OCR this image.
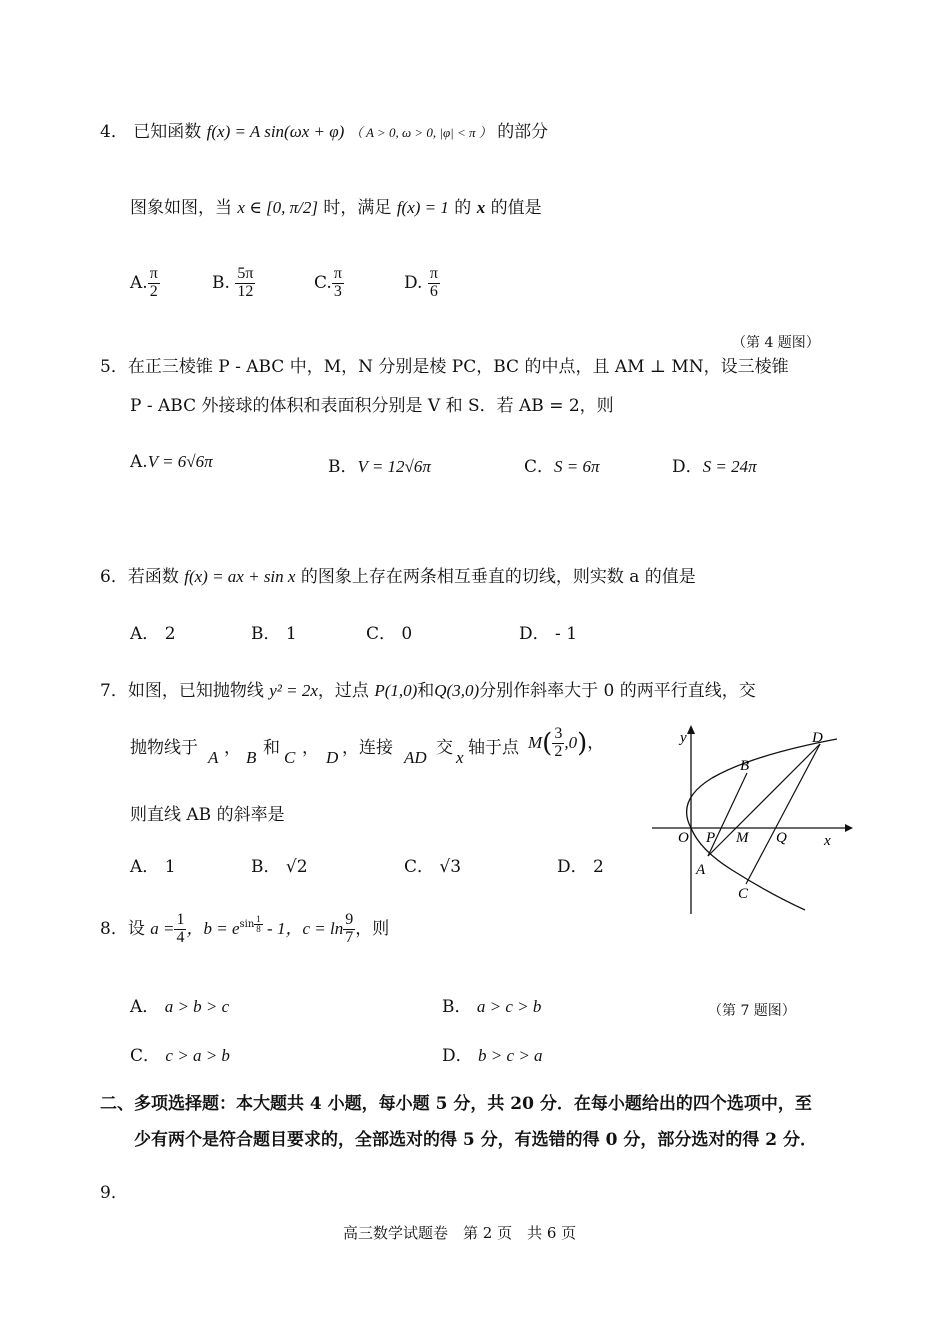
4． 已知函数 f(x) = A sin(ωx + φ) （ A > 0, ω > 0, |φ| < π ） 的部分
图象如图，当 x ∈ [0, π/2] 时，满足 f(x) = 1 的 x 的值是
A. $\frac{\pi}{2}$	B. $\frac{5\pi}{12}$	C. $\frac{\pi}{3}$	D. $\frac{\pi}{6}$
（第 4 题图）
5．在正三棱锥 P - ABC 中，M，N 分别是棱 PC，BC 的中点，且 AM ⊥ MN，设三棱锥
P - ABC 外接球的体积和表面积分别是 V 和 S．若 AB = 2，则
A.V = 6√6π	B．V = 12√6π	C．S = 6π	D．S = 24π
6．若函数 f(x) = ax + sin x 的图象上存在两条相互垂直的切线，则实数 a 的值是
A． 2	B． 1	C． 0	D． - 1
7．如图，已知抛物线 y² = 2x，过点 P(1,0)和Q(3,0)分别作斜率大于 0 的两平行直线，交
抛物线于 A ， B 和 C ， D ，连接 AD 交 x 轴于点 $M( \frac{3}{2} ,0)$，
则直线 AB 的斜率是
A． 1	B． √2	C． √3	D． 2
y
x
O P M Q
A
B
C
D
8．设 $a = \frac{1}{4}$ ，$b = e^{sin \frac{1}{8}} - 1$，$c = \ln \frac{9}{7}$ ，则
A． a > b > c	B． a > c > b	（第 7 题图）
C． c > a > b	D． b > c > a
二、多项选择题：本大题共 4 小题，每小题 5 分，共 20 分．在每小题给出的四个选项中，至
少有两个是符合题目要求的，全部选对的得 5 分，有选错的得 0 分，部分选对的得 2 分．
9．
高三数学试题卷　第 2 页　共 6 页
